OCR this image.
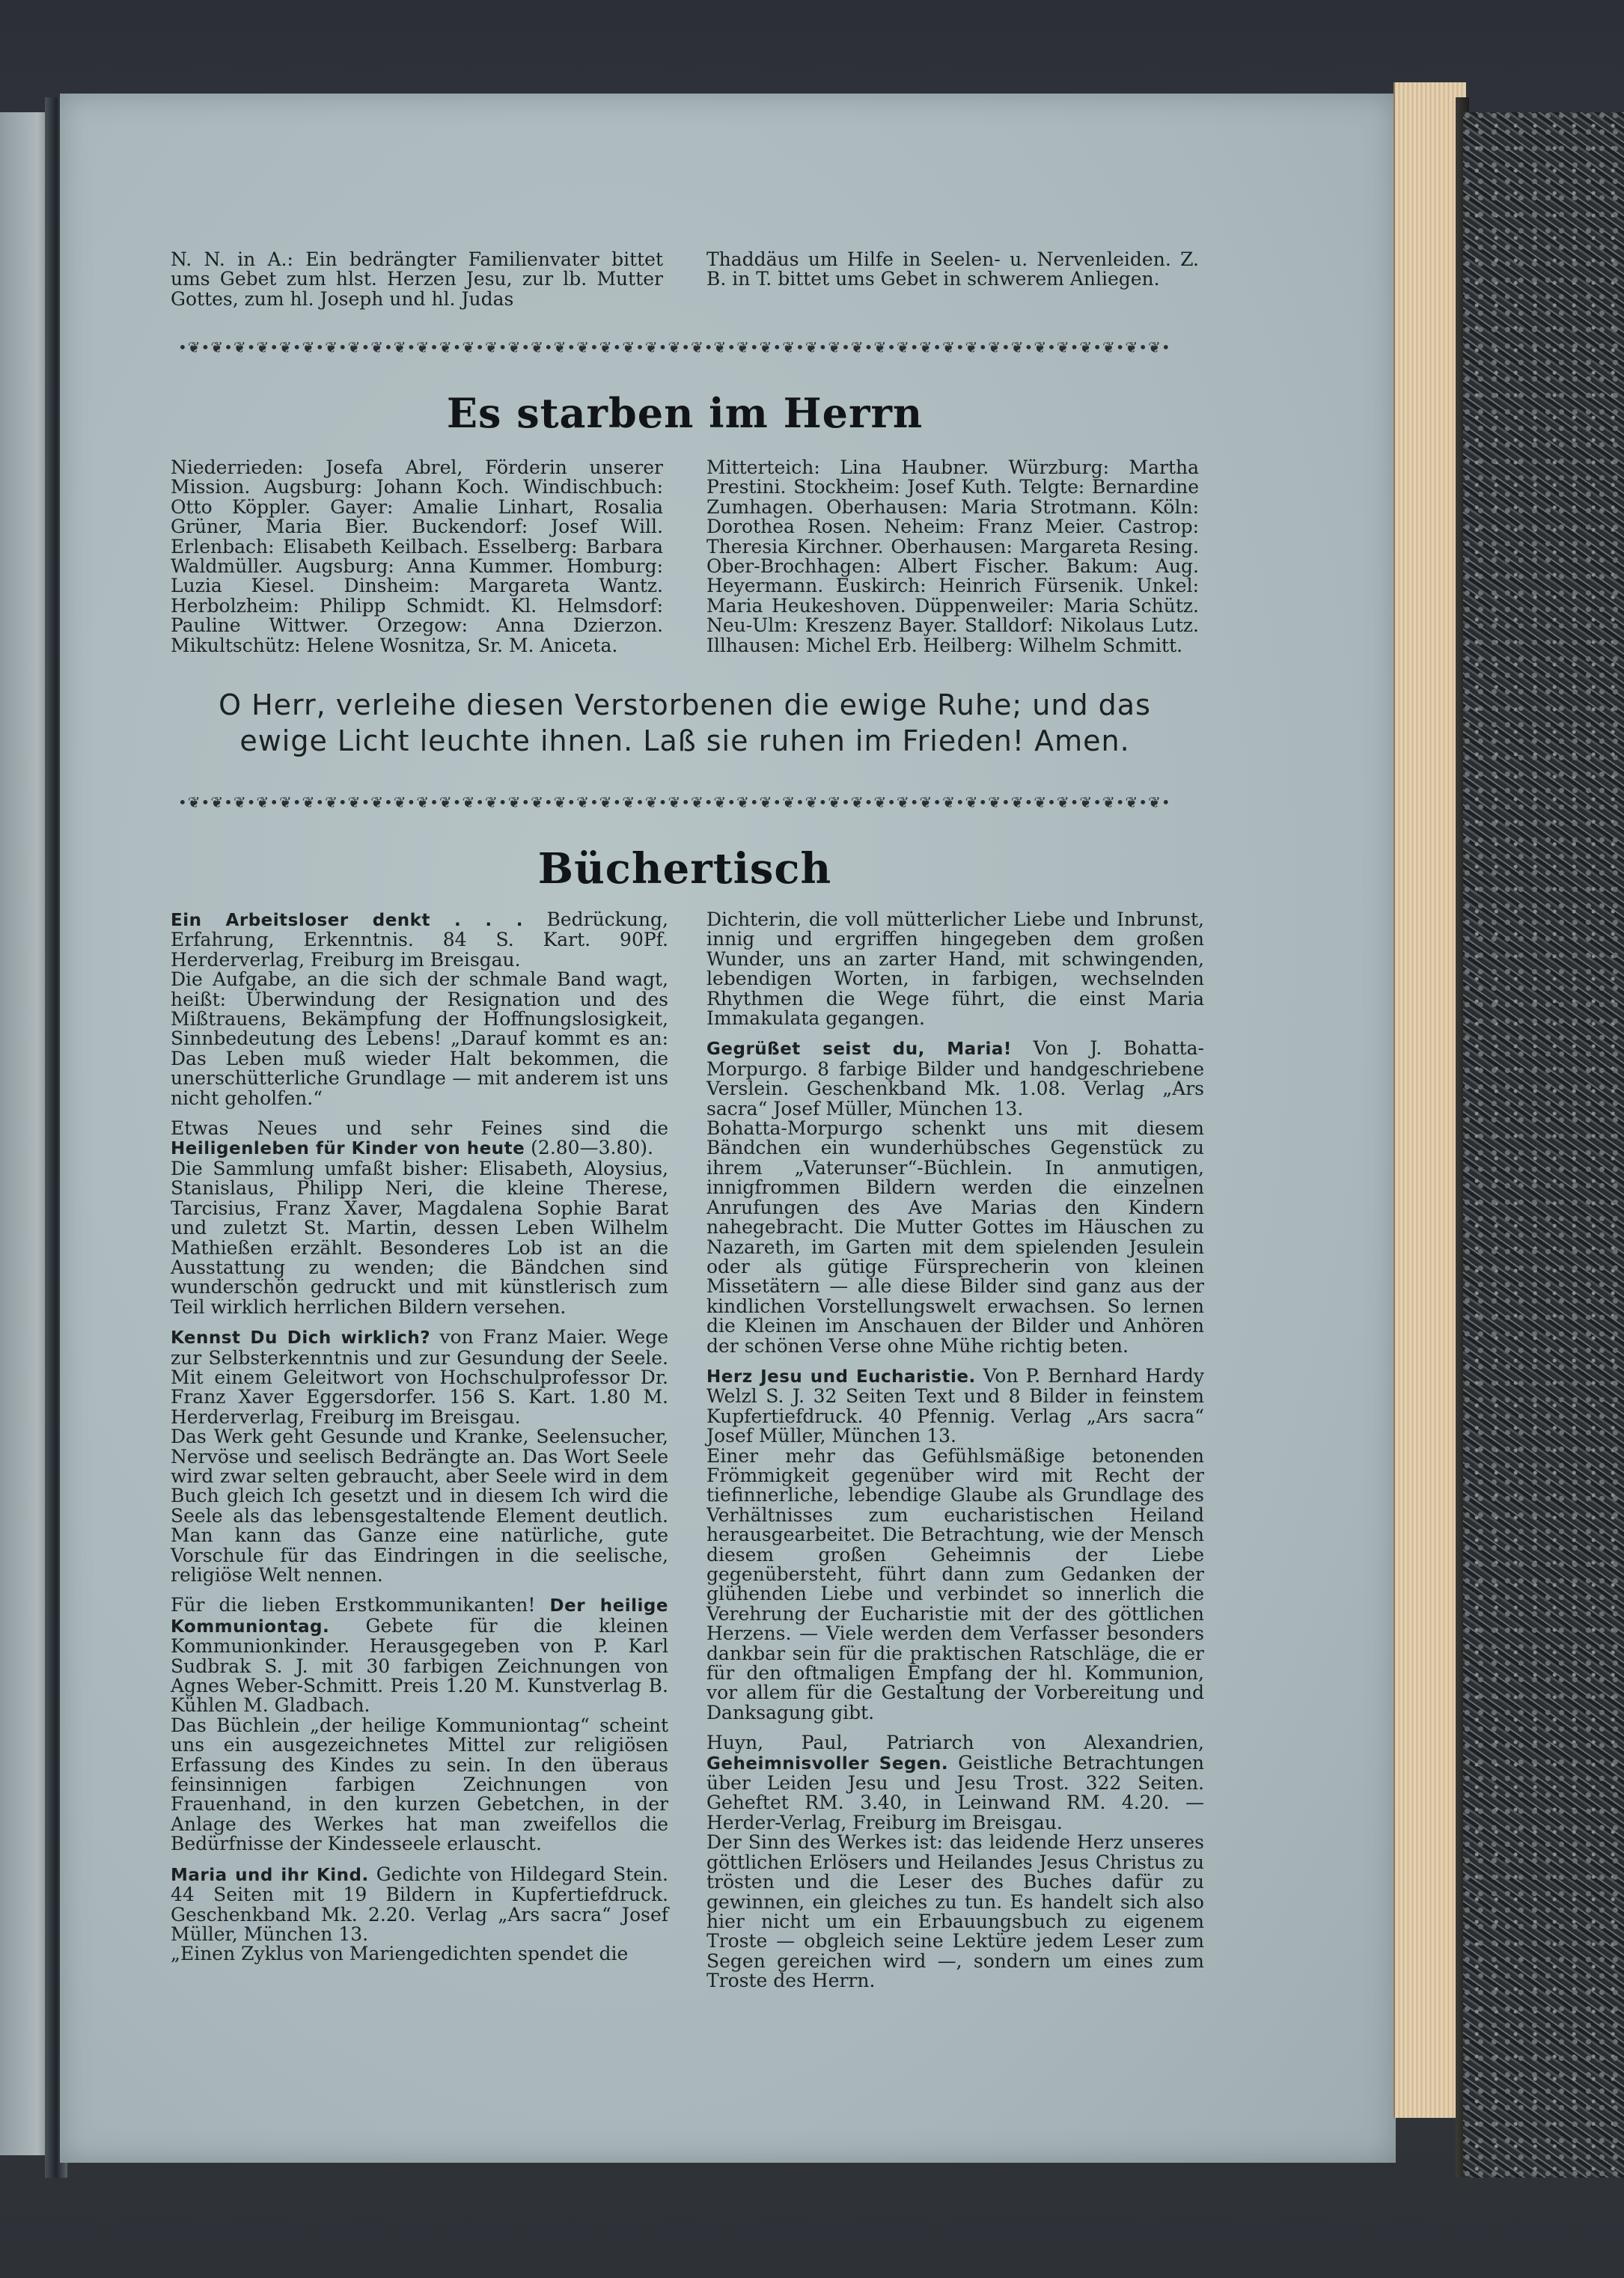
N. N. in A.: Ein bedrängter Familienvater bittet ums Gebet zum hlst. Herzen Jesu, zur lb. Mutter Gottes, zum hl. Joseph und hl. Judas
Thaddäus um Hilfe in Seelen- u. Nervenleiden. Z. B. in T. bittet ums Gebet in schwerem Anliegen.
•❦•❦•❦•❦•❦•❦•❦•❦•❦•❦•❦•❦•❦•❦•❦•❦•❦•❦•❦•❦•❦•❦•❦•❦•❦•❦•❦•❦•❦•❦•❦•❦•❦•❦•❦•❦•❦•❦•❦•❦•❦•❦•❦•
Es starben im Herrn
Niederrieden: Josefa Abrel, Förderin unserer Mission. Augsburg: Johann Koch. Windischbuch: Otto Köppler. Gayer: Amalie Linhart, Rosalia Grüner, Maria Bier. Buckendorf: Josef Will. Erlenbach: Elisabeth Keilbach. Esselberg: Barbara Waldmüller. Augsburg: Anna Kummer. Homburg: Luzia Kiesel. Dinsheim: Margareta Wantz. Herbolzheim: Philipp Schmidt. Kl. Helmsdorf: Pauline Wittwer. Orzegow: Anna Dzierzon. Mikultschütz: Helene Wosnitza, Sr. M. Aniceta.
Mitterteich: Lina Haubner. Würzburg: Martha Prestini. Stockheim: Josef Kuth. Telgte: Bernardine Zumhagen. Oberhausen: Maria Strotmann. Köln: Dorothea Rosen. Neheim: Franz Meier. Castrop: Theresia Kirchner. Oberhausen: Margareta Resing. Ober-Brochhagen: Albert Fischer. Bakum: Aug. Heyermann. Euskirch: Heinrich Fürsenik. Unkel: Maria Heukeshoven. Düppenweiler: Maria Schütz. Neu-Ulm: Kreszenz Bayer. Stalldorf: Nikolaus Lutz. Illhausen: Michel Erb. Heilberg: Wilhelm Schmitt.
O Herr, verleihe diesen Verstorbenen die ewige Ruhe; und das ewige Licht leuchte ihnen. Laß sie ruhen im Frieden! Amen.
•❦•❦•❦•❦•❦•❦•❦•❦•❦•❦•❦•❦•❦•❦•❦•❦•❦•❦•❦•❦•❦•❦•❦•❦•❦•❦•❦•❦•❦•❦•❦•❦•❦•❦•❦•❦•❦•❦•❦•❦•❦•❦•❦•
Büchertisch

Ein Arbeitsloser denkt . . . Bedrückung, Erfahrung, Erkenntnis. 84 S. Kart. 90Pf. Herderverlag, Freiburg im Breisgau.

Die Aufgabe, an die sich der schmale Band wagt, heißt: Überwindung der Resignation und des Mißtrauens, Bekämpfung der Hoffnungslosigkeit, Sinnbedeutung des Lebens! „Darauf kommt es an: Das Leben muß wieder Halt bekommen, die unerschütterliche Grundlage — mit anderem ist uns nicht geholfen.“

Etwas Neues und sehr Feines sind die Heiligenleben für Kinder von heute (2.80—3.80).

Die Sammlung umfaßt bisher: Elisabeth, Aloysius, Stanislaus, Philipp Neri, die kleine Therese, Tarcisius, Franz Xaver, Magdalena Sophie Barat und zuletzt St. Martin, dessen Leben Wilhelm Mathießen erzählt. Besonderes Lob ist an die Ausstattung zu wenden; die Bändchen sind wunderschön gedruckt und mit künstlerisch zum Teil wirklich herrlichen Bildern versehen.

Kennst Du Dich wirklich? von Franz Maier. Wege zur Selbsterkenntnis und zur Gesundung der Seele. Mit einem Geleitwort von Hochschulprofessor Dr. Franz Xaver Eggersdorfer. 156 S. Kart. 1.80 M. Herderverlag, Freiburg im Breisgau.

Das Werk geht Gesunde und Kranke, Seelensucher, Nervöse und seelisch Bedrängte an. Das Wort Seele wird zwar selten gebraucht, aber Seele wird in dem Buch gleich Ich gesetzt und in diesem Ich wird die Seele als das lebensgestaltende Element deutlich. Man kann das Ganze eine natürliche, gute Vorschule für das Eindringen in die seelische, religiöse Welt nennen.

Für die lieben Erstkommunikanten! Der heilige Kommuniontag. Gebete für die kleinen Kommunionkinder. Herausgegeben von P. Karl Sudbrak S. J. mit 30 farbigen Zeichnungen von Agnes Weber-Schmitt. Preis 1.20 M. Kunstverlag B. Kühlen M. Gladbach.

Das Büchlein „der heilige Kommuniontag“ scheint uns ein ausgezeichnetes Mittel zur religiösen Erfassung des Kindes zu sein. In den überaus feinsinnigen farbigen Zeichnungen von Frauenhand, in den kurzen Gebetchen, in der Anlage des Werkes hat man zweifellos die Bedürfnisse der Kindesseele erlauscht.

Maria und ihr Kind. Gedichte von Hildegard Stein. 44 Seiten mit 19 Bildern in Kupfertiefdruck. Geschenkband Mk. 2.20. Verlag „Ars sacra“ Josef Müller, München 13.

„Einen Zyklus von Mariengedichten spendet die

Dichterin, die voll mütterlicher Liebe und Inbrunst, innig und ergriffen hingegeben dem großen Wunder, uns an zarter Hand, mit schwingenden, lebendigen Worten, in farbigen, wechselnden Rhythmen die Wege führt, die einst Maria Immakulata gegangen.

Gegrüßet seist du, Maria! Von J. Bohatta-Morpurgo. 8 farbige Bilder und handgeschriebene Verslein. Geschenkband Mk. 1.08. Verlag „Ars sacra“ Josef Müller, München 13.

Bohatta-Morpurgo schenkt uns mit diesem Bändchen ein wunderhübsches Gegenstück zu ihrem „Vaterunser“-Büchlein. In anmutigen, innigfrommen Bildern werden die einzelnen Anrufungen des Ave Marias den Kindern nahegebracht. Die Mutter Gottes im Häuschen zu Nazareth, im Garten mit dem spielenden Jesulein oder als gütige Fürsprecherin von kleinen Missetätern — alle diese Bilder sind ganz aus der kindlichen Vorstellungswelt erwachsen. So lernen die Kleinen im Anschauen der Bilder und Anhören der schönen Verse ohne Mühe richtig beten.

Herz Jesu und Eucharistie. Von P. Bernhard Hardy Welzl S. J. 32 Seiten Text und 8 Bilder in feinstem Kupfertiefdruck. 40 Pfennig. Verlag „Ars sacra“ Josef Müller, München 13.

Einer mehr das Gefühlsmäßige betonenden Frömmigkeit gegenüber wird mit Recht der tiefinnerliche, lebendige Glaube als Grundlage des Verhältnisses zum eucharistischen Heiland herausgearbeitet. Die Betrachtung, wie der Mensch diesem großen Geheimnis der Liebe gegenübersteht, führt dann zum Gedanken der glühenden Liebe und verbindet so innerlich die Verehrung der Eucharistie mit der des göttlichen Herzens. — Viele werden dem Verfasser besonders dankbar sein für die praktischen Ratschläge, die er für den oftmaligen Empfang der hl. Kommunion, vor allem für die Gestaltung der Vorbereitung und Danksagung gibt.

Huyn, Paul, Patriarch von Alexandrien, Geheimnisvoller Segen. Geistliche Betrachtungen über Leiden Jesu und Jesu Trost. 322 Seiten. Geheftet RM. 3.40, in Leinwand RM. 4.20. — Herder-Verlag, Freiburg im Breisgau.

Der Sinn des Werkes ist: das leidende Herz unseres göttlichen Erlösers und Heilandes Jesus Christus zu trösten und die Leser des Buches dafür zu gewinnen, ein gleiches zu tun. Es handelt sich also hier nicht um ein Erbauungsbuch zu eigenem Troste — obgleich seine Lektüre jedem Leser zum Segen gereichen wird —, sondern um eines zum Troste des Herrn.
